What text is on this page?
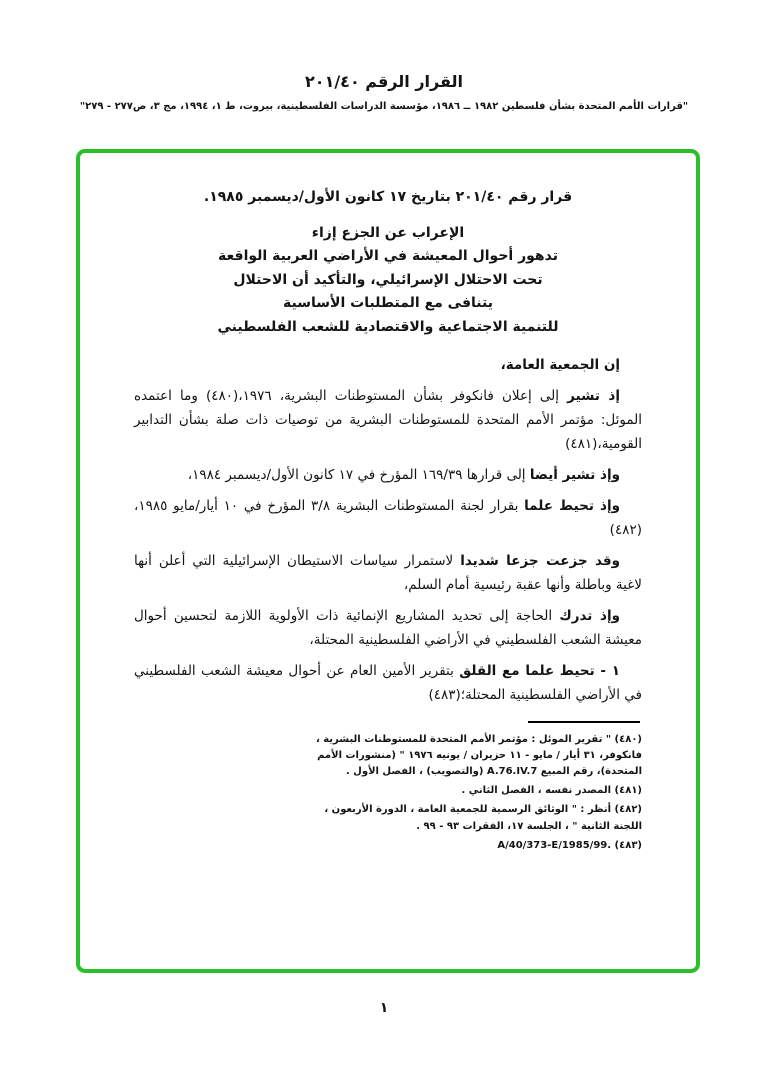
القرار الرقم ٢٠١/٤٠
"قرارات الأمم المتحدة بشأن فلسطين ١٩٨٢ ــ ١٩٨٦، مؤسسة الدراسات الفلسطينية، بيروت، ط ١، ١٩٩٤، مج ٣، ص٢٧٧ - ٢٧٩"

قرار رقم ٢٠١/٤٠ بتاريخ ١٧ كانون الأول/ديسمبر ١٩٨٥.

الإعراب عن الجزع إزاء
تدهور أحوال المعيشة في الأراضي العربية الواقعة
تحت الاحتلال الإسرائيلي، والتأكيد أن الاحتلال
يتنافى مع المتطلبات الأساسية
للتنمية الاجتماعية والاقتصادية للشعب الفلسطيني

إن الجمعية العامة،

إذ تشير إلى إعلان فانكوفر بشأن المستوطنات البشرية، ١٩٧٦،(٤٨٠) وما اعتمده الموئل: مؤتمر الأمم المتحدة للمستوطنات البشرية من توصيات ذات صلة بشأن التدابير القومية،(٤٨١)

وإذ تشير أيضا إلى قرارها ١٦٩/٣٩ المؤرخ في ١٧ كانون الأول/ديسمبر ١٩٨٤،

وإذ تحيط علما بقرار لجنة المستوطنات البشرية ٣/٨ المؤرخ في ١٠ أيار/مايو ١٩٨٥،(٤٨٢)

وقد جزعت جزعا شديدا لاستمرار سياسات الاستيطان الإسرائيلية التي أعلن أنها لاغية وباطلة وأنها عقبة رئيسية أمام السلم،

وإذ تدرك الحاجة إلى تحديد المشاريع الإنمائية ذات الأولوية اللازمة لتحسين أحوال معيشة الشعب الفلسطيني في الأراضي الفلسطينية المحتلة،

١ - تحيط علما مع القلق بتقرير الأمين العام عن أحوال معيشة الشعب الفلسطيني في الأراضي الفلسطينية المحتلة؛(٤٨٣)

(٤٨٠) " تقرير الموئل : مؤتمر الأمم المتحدة للمستوطنات البشرية ، فانكوفر، ٣١ أيار / مايو - ١١ حزيران / يونيه ١٩٧٦ " (منشورات الأمم المتحدة)، رقم المبيع A.76.IV.7 (والتصويب) ، الفصل الأول .

(٤٨١) المصدر نفسه ، الفصل الثاني .

(٤٨٢) أنظر : " الوثائق الرسمية للجمعية العامة ، الدورة الأربعون ، اللجنة الثانية " ، الجلسة ١٧، الفقرات ٩٣ - ٩٩ .

(٤٨٣) A/40/373-E/1985/99.

١
